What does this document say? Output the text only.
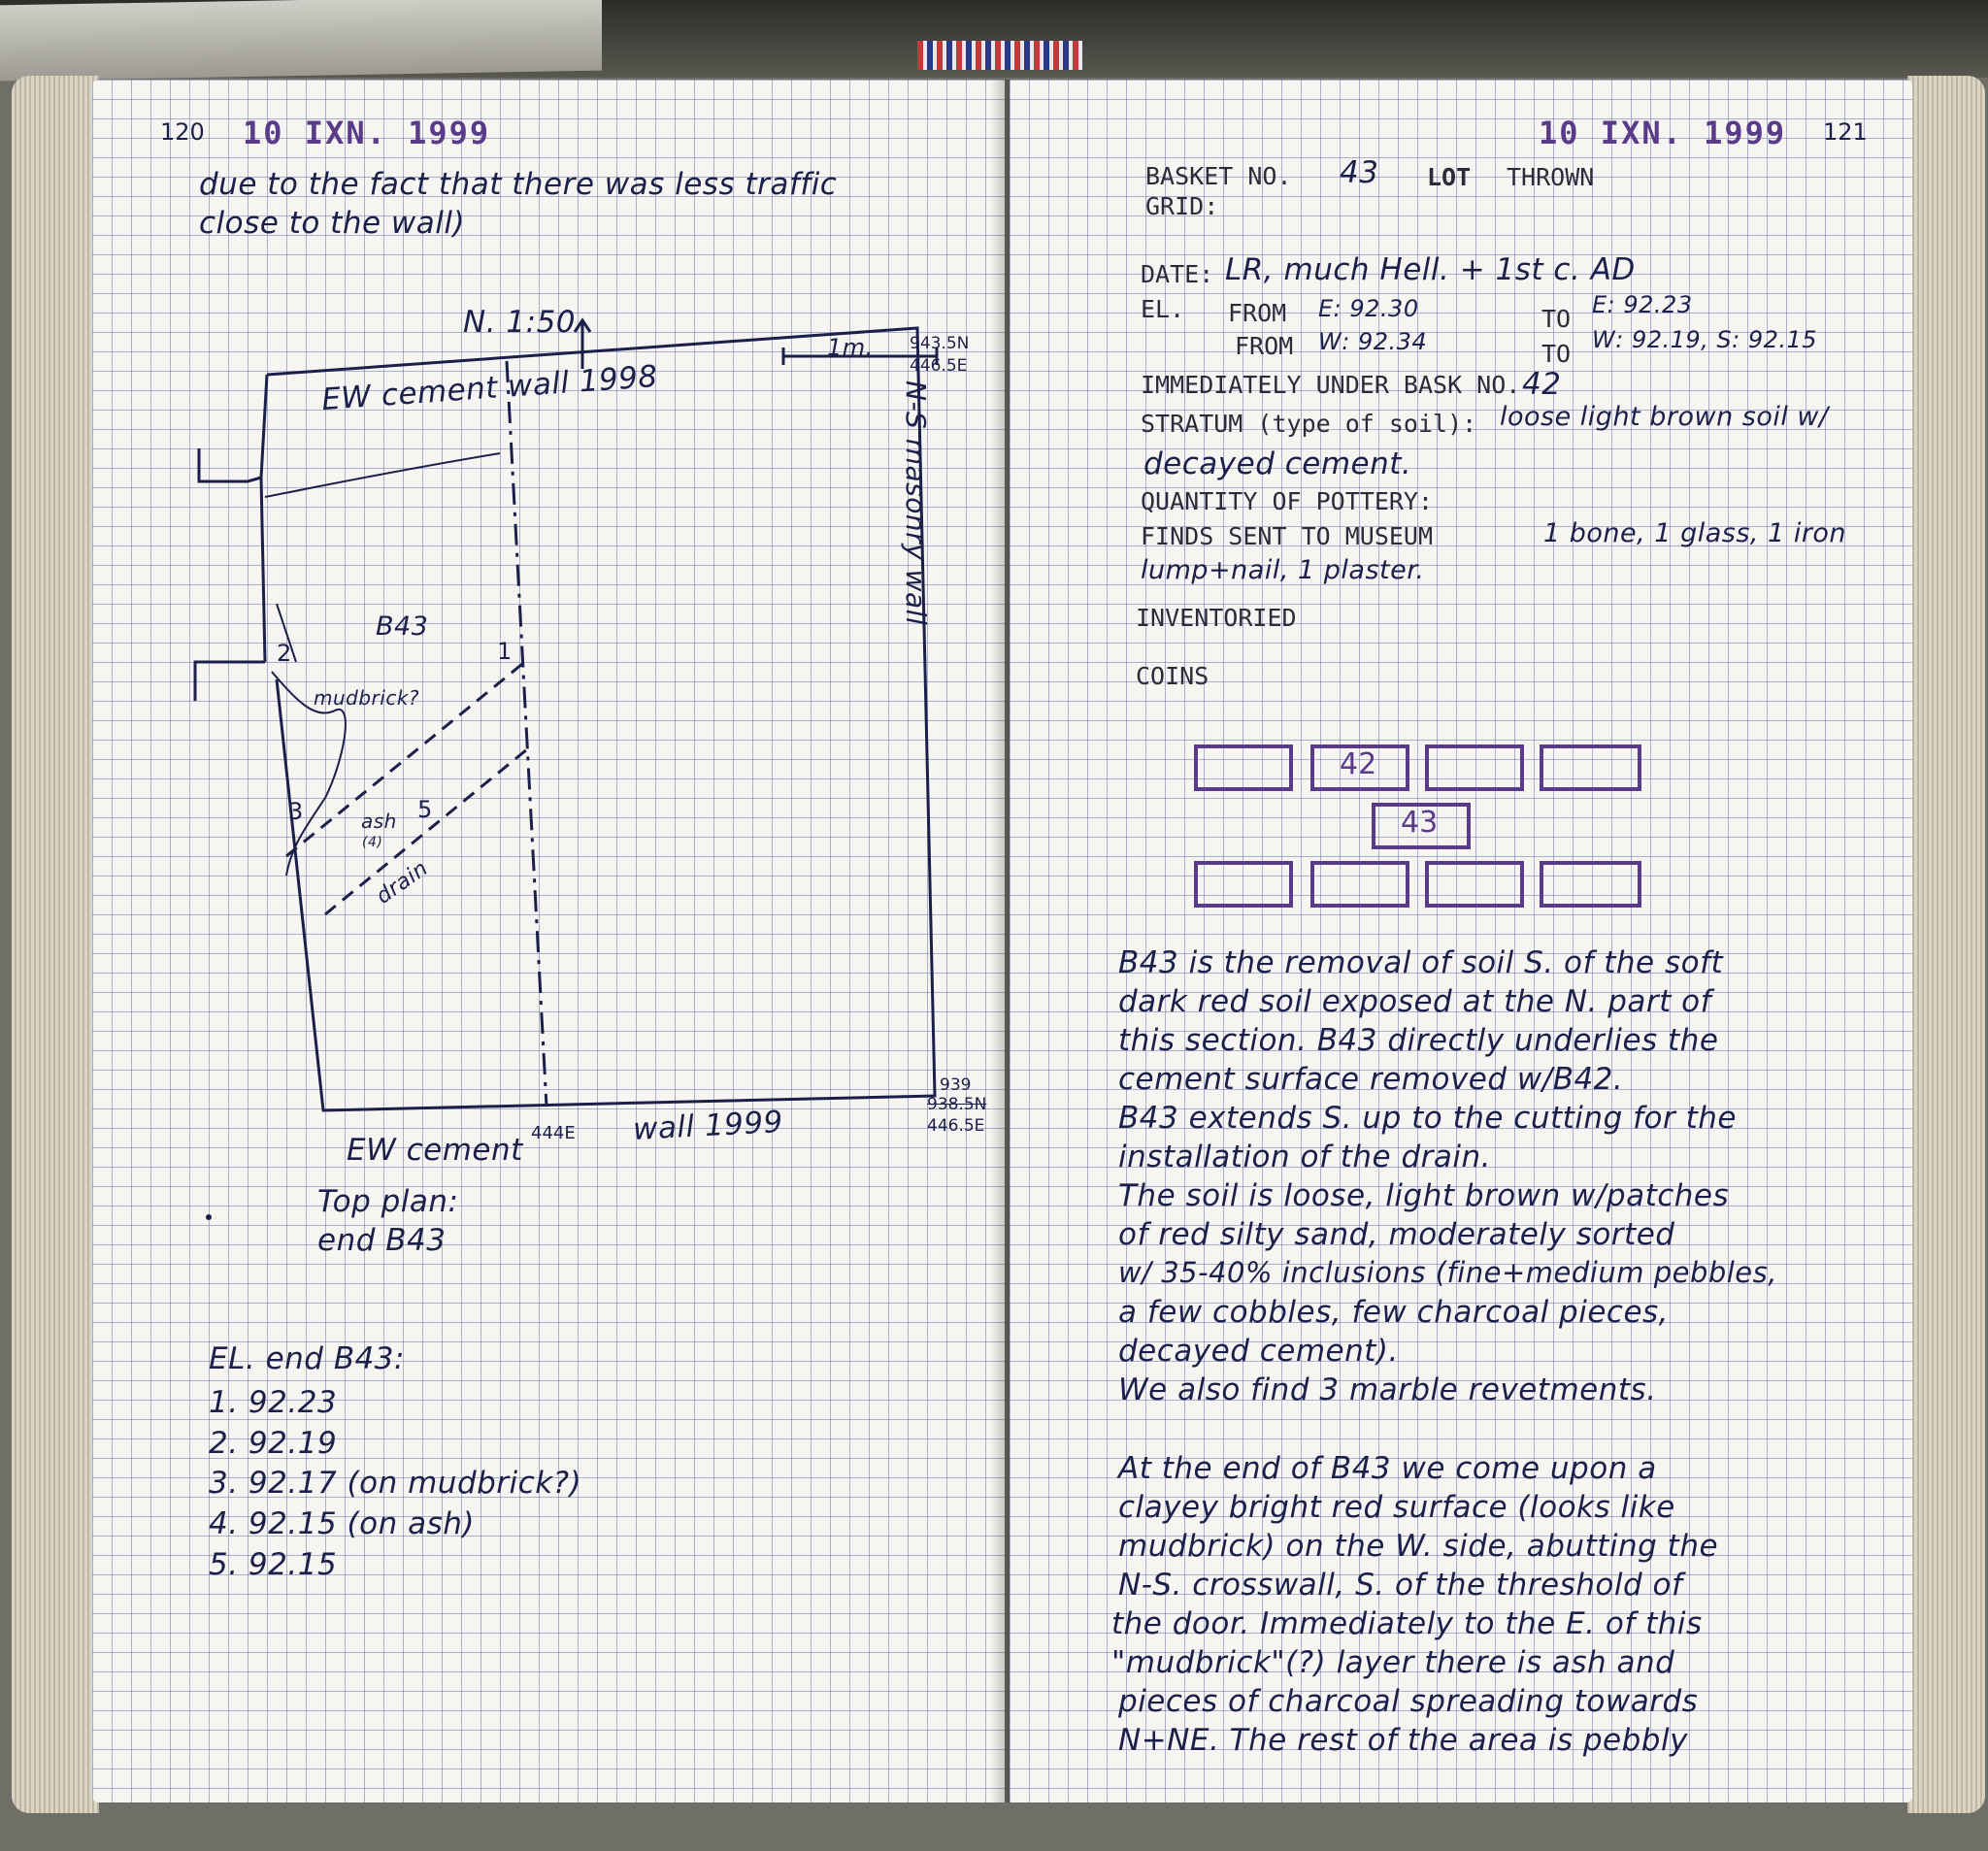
120 10 IXN. 1999
due to the fact that there was less traffic
close to the wall)
N. 1:50
1m.
EW cement wall 1998	N-S masonry wall
943.5N
446.5E
939
938.5N
446.5E
444E
EW cement
wall 1999
B43
mudbrick?
ash
(4)
drain
1
2
3	5
Top plan:
end B43
EL. end B43:
1. 92.23
2. 92.19
3. 92.17 (on mudbrick?)
4. 92.15 (on ash)
5. 92.15
10 IXN. 1999 121
BASKET NO. 43 LOT THROWN
GRID:
DATE: LR, much Hell. + 1st c. AD
EL. FROM E: 92.30
FROM W: 92.34
TO E: 92.23
TO W: 92.19, S: 92.15
IMMEDIATELY UNDER BASK NO. 42
STRATUM (type of soil): loose light brown soil w/
decayed cement.
QUANTITY OF POTTERY:
FINDS SENT TO MUSEUM	1 bone, 1 glass, 1 iron
lump+nail, 1 plaster.
INVENTORIED
COINS
42
43
B43 is the removal of soil S. of the soft
dark red soil exposed at the N. part of
this section. B43 directly underlies the
cement surface removed w/B42.
B43 extends S. up to the cutting for the
installation of the drain.
The soil is loose, light brown w/patches
of red silty sand, moderately sorted
w/ 35-40% inclusions (fine+medium pebbles,
a few cobbles, few charcoal pieces,
decayed cement).
We also find 3 marble revetments.
At the end of B43 we come upon a
clayey bright red surface (looks like
mudbrick) on the W. side, abutting the
N-S. crosswall, S. of the threshold of
the door. Immediately to the E. of this
"mudbrick"(?) layer there is ash and
pieces of charcoal spreading towards
N+NE. The rest of the area is pebbly
